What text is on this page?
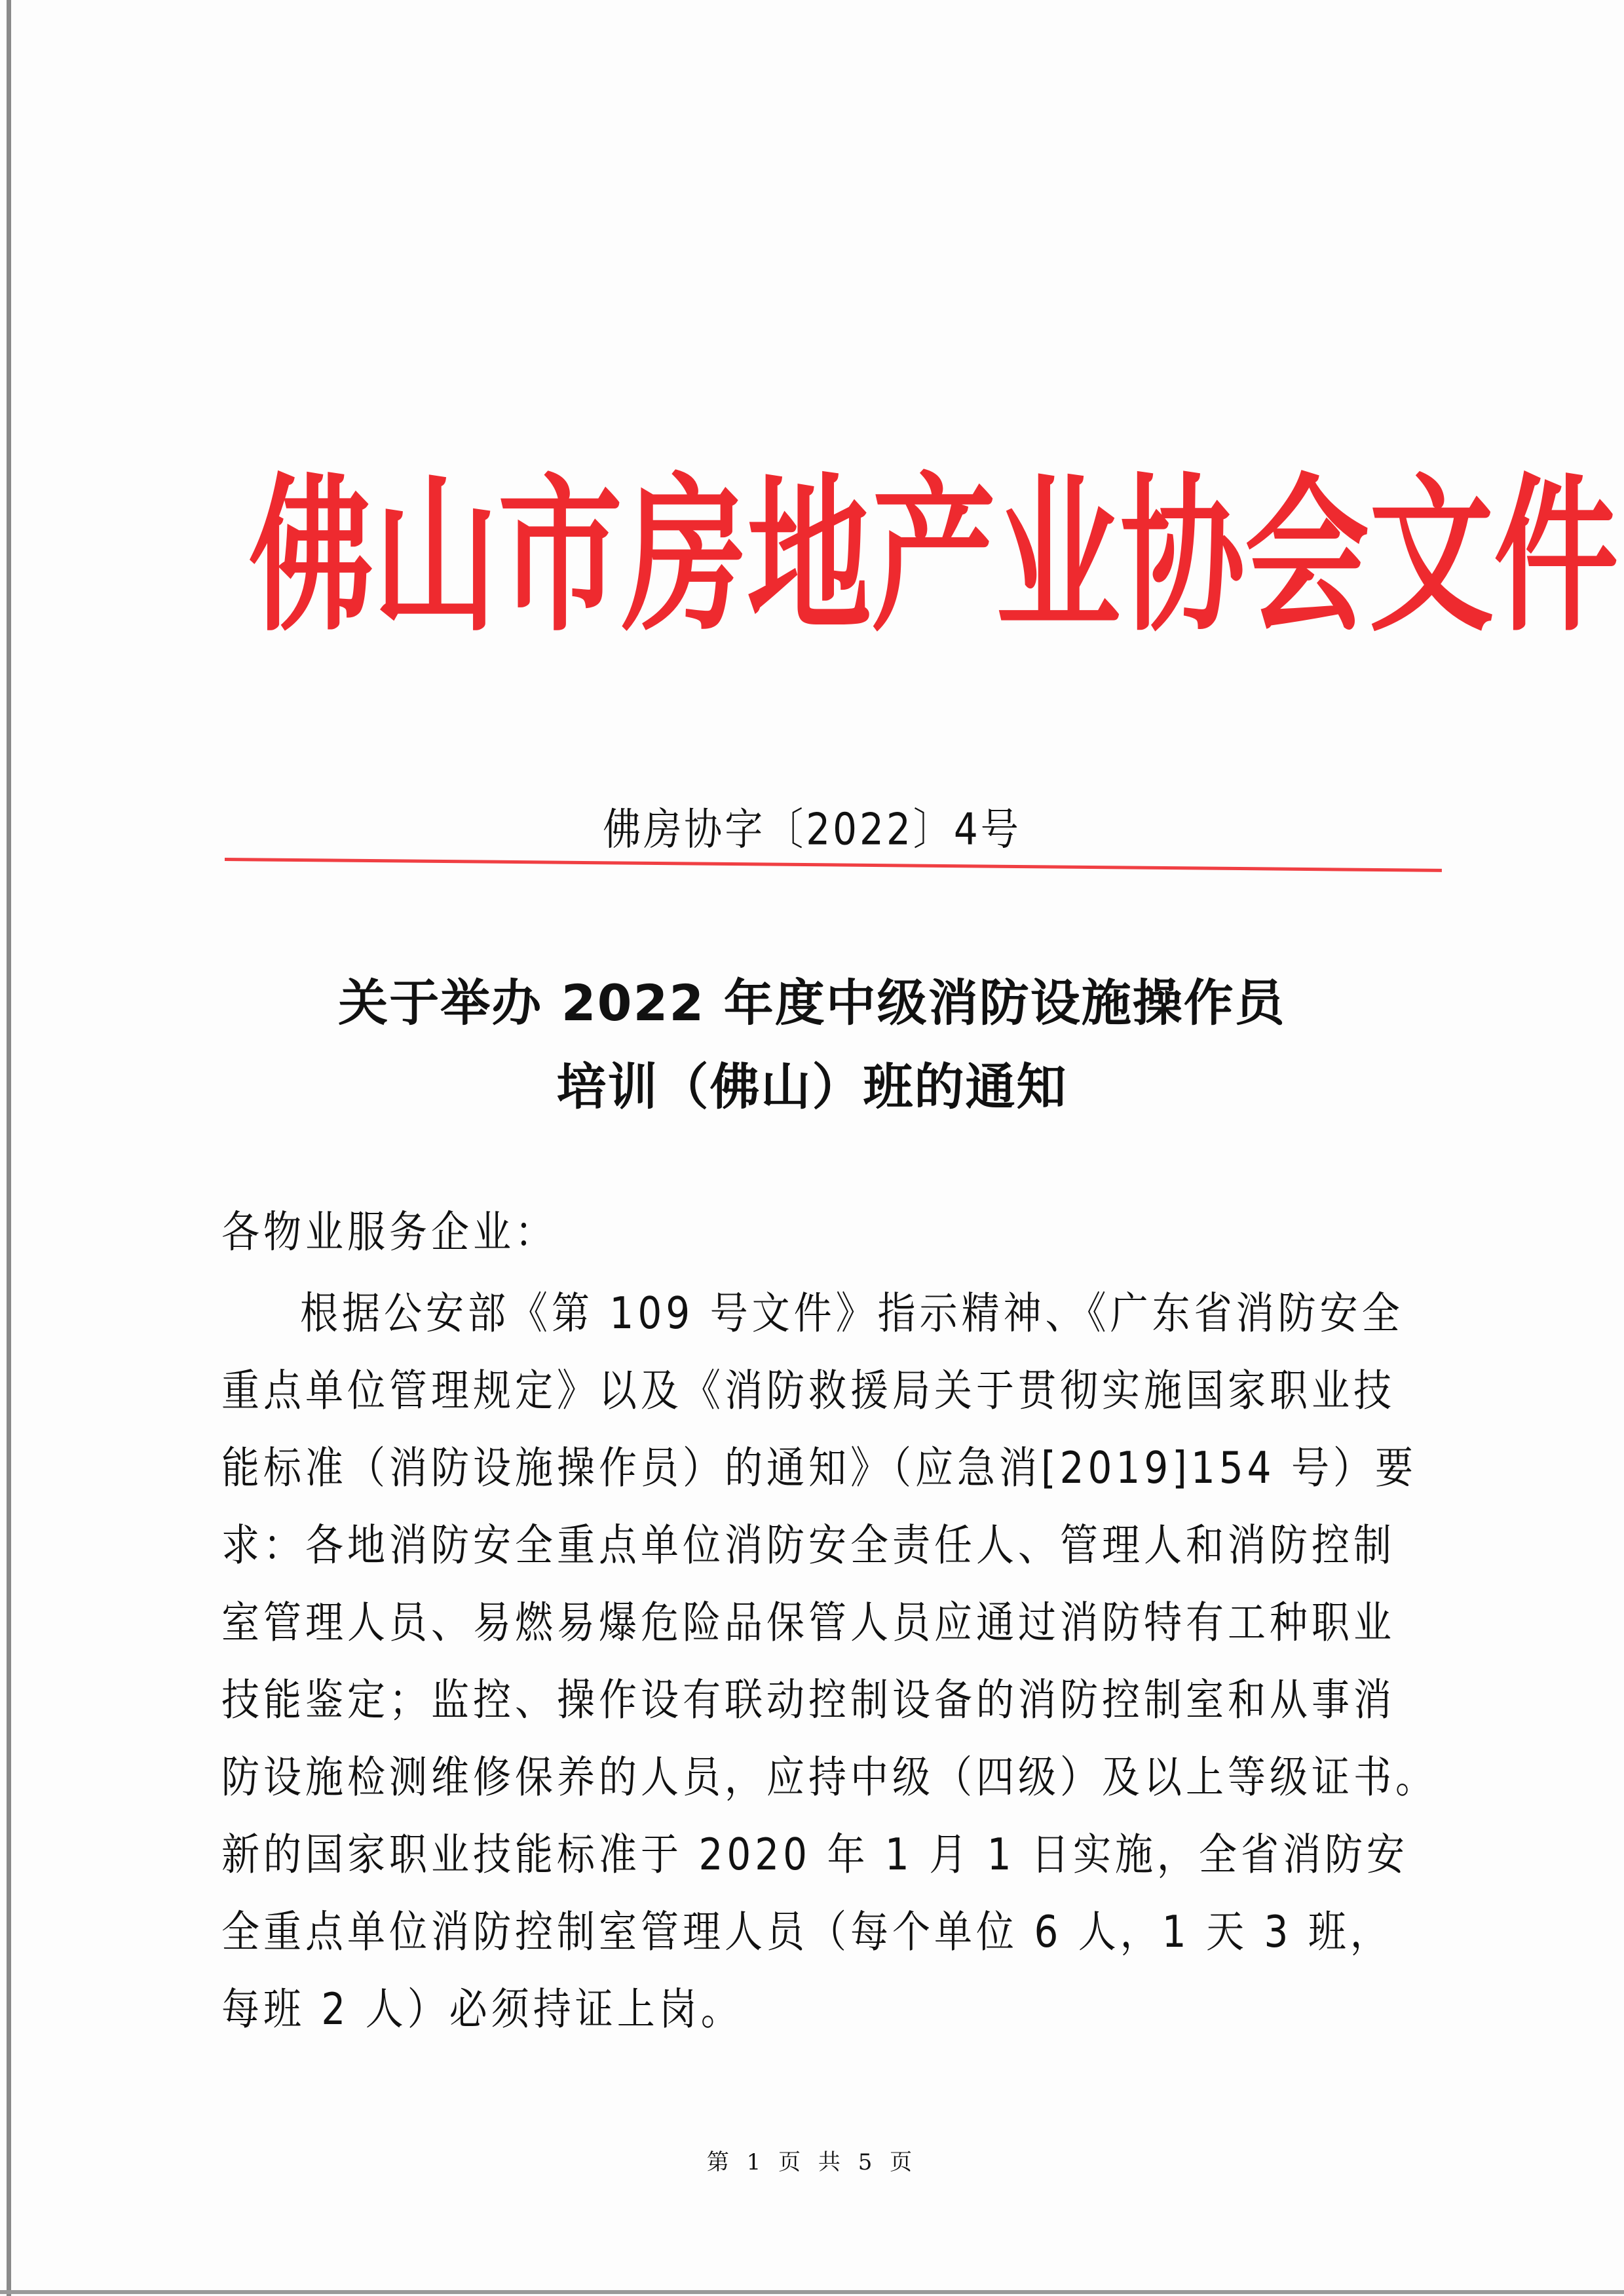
佛 山 市 房 地 产 业 协 会 文 件
佛房协字〔2022〕4号
关于举办 2022 年度中级消防设施操作员
培训（佛山）班的通知
各物业服务企业：
根据公安部《第 109 号文件》指示精神、《广东省消防安全
重点单位管理规定》以及《消防救援局关于贯彻实施国家职业技
能标准（消防设施操作员）的通知》（应急消[2019]154 号）要
求：各地消防安全重点单位消防安全责任人、管理人和消防控制
室管理人员、易燃易爆危险品保管人员应通过消防特有工种职业
技能鉴定；监控、操作设有联动控制设备的消防控制室和从事消
防设施检测维修保养的人员，应持中级（四级）及以上等级证书。
新的国家职业技能标准于 2020 年 1 月 1 日实施，全省消防安
全重点单位消防控制室管理人员（每个单位 6 人，1 天 3 班，
每班 2 人）必须持证上岗。
第 1 页 共 5 页
